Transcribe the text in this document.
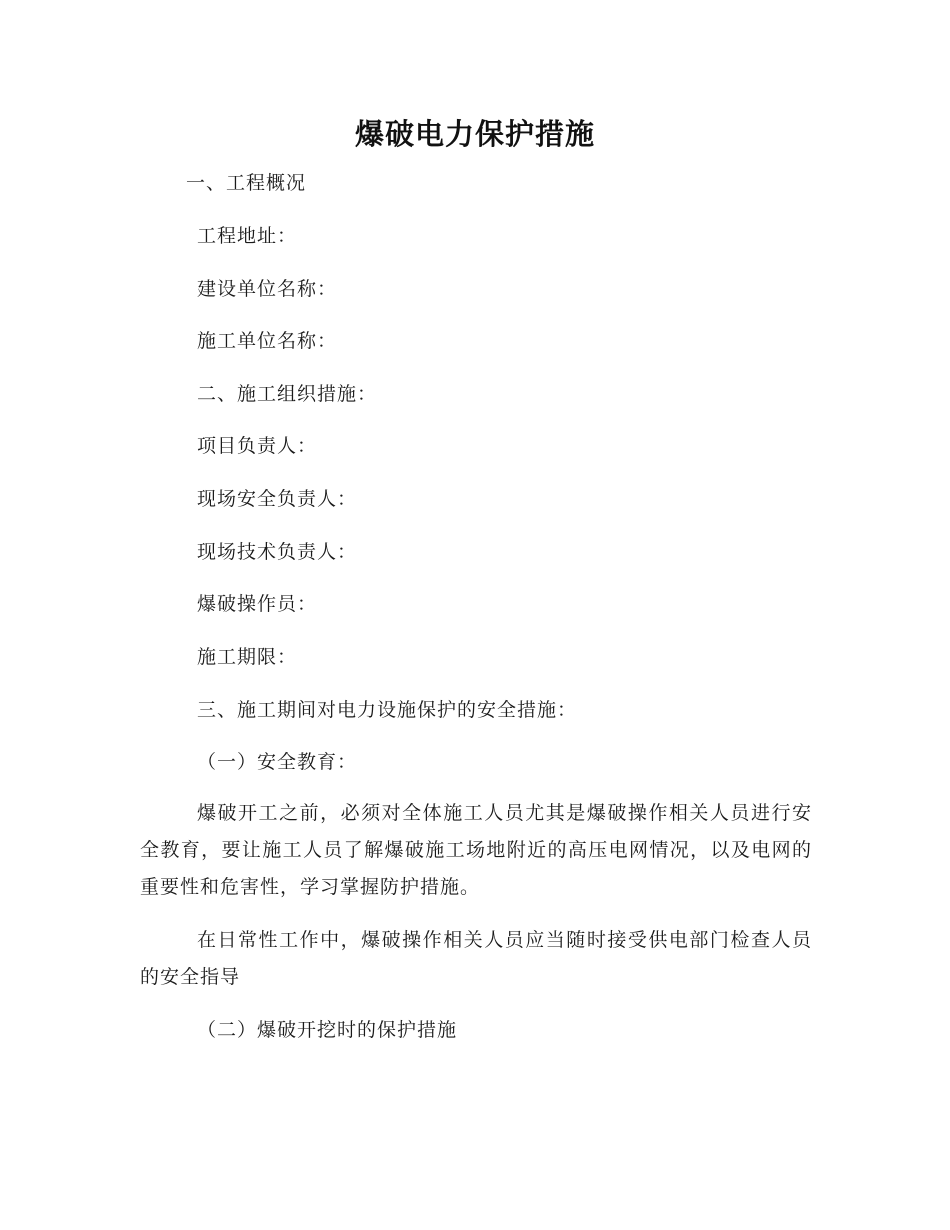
爆破电力保护措施
一、工程概况
工程地址：
建设单位名称：
施工单位名称：
二、施工组织措施：
项目负责人：
现场安全负责人：
现场技术负责人：
爆破操作员：
施工期限：
三、施工期间对电力设施保护的安全措施：
（一）安全教育：
爆破开工之前，必须对全体施工人员尤其是爆破操作相关人员进行安全教育，要让施工人员了解爆破施工场地附近的高压电网情况，以及电网的重要性和危害性，学习掌握防护措施。
在日常性工作中，爆破操作相关人员应当随时接受供电部门检查人员的安全指导
（二）爆破开挖时的保护措施
